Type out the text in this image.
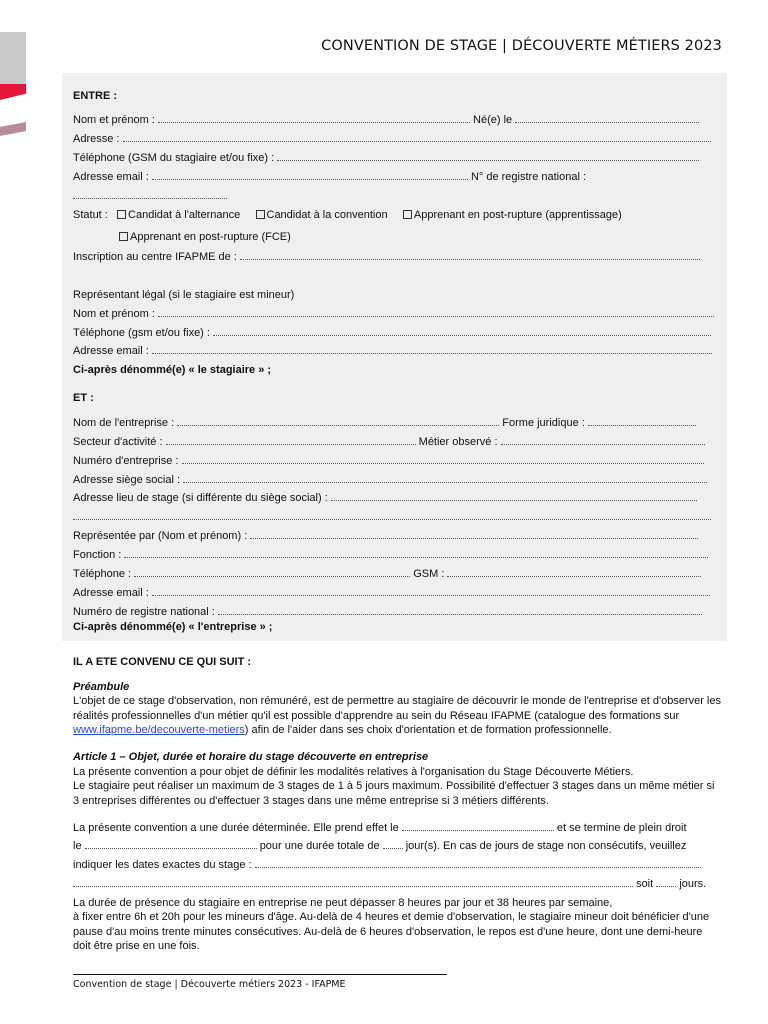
CONVENTION DE STAGE | DÉCOUVERTE MÉTIERS 2023
ENTRE :
Nom et prénom :	Né(e) le
Adresse :
Téléphone (GSM du stagiaire et/ou fixe) :
Adresse email :	N° de registre national :
Statut : Candidat à l'alternance Candidat à la convention Apprenant en post-rupture (apprentissage)
Apprenant en post-rupture (FCE)
Inscription au centre IFAPME de :
Représentant légal (si le stagiaire est mineur)
Nom et prénom :
Téléphone (gsm et/ou fixe) :
Adresse email :
Ci-après dénommé(e) « le stagiaire » ;
ET :
Nom de l'entreprise :	Forme juridique :
Secteur d'activité :	Métier observé :
Numéro d'entreprise :
Adresse siège social :
Adresse lieu de stage (si différente du siège social) :
Représentée par (Nom et prénom) :
Fonction :
Téléphone :	GSM :
Adresse email :
Numéro de registre national :
Ci-après dénommé(e) « l'entreprise » ;
IL A ETE CONVENU CE QUI SUIT :
Préambule
L'objet de ce stage d'observation, non rémunéré, est de permettre au stagiaire de découvrir le monde de l'entreprise et d'observer les réalités professionnelles d'un métier qu'il est possible d'apprendre au sein du Réseau IFAPME (catalogue des formations sur www.ifapme.be/decouverte-metiers) afin de l'aider dans ses choix d'orientation et de formation professionnelle.
Article 1 – Objet, durée et horaire du stage découverte en entreprise
La présente convention a pour objet de définir les modalités relatives à l'organisation du Stage Découverte Métiers.
Le stagiaire peut réaliser un maximum de 3 stages de 1 à 5 jours maximum. Possibilité d'effectuer 3 stages dans un même métier si 3 entreprises différentes ou d'effectuer 3 stages dans une même entreprise si 3 métiers différents.
La présente convention a une durée déterminée. Elle prend effet le	et se termine de plein droit
le	pour une durée totale de jour(s). En cas de jours de stage non consécutifs, veuillez
indiquer les dates exactes du stage :
soit jours.
La durée de présence du stagiaire en entreprise ne peut dépasser 8 heures par jour et 38 heures par semaine,
à fixer entre 6h et 20h pour les mineurs d'âge. Au-delà de 4 heures et demie d'observation, le stagiaire mineur doit bénéficier d'une pause d'au moins trente minutes consécutives. Au-delà de 6 heures d'observation, le repos est d'une heure, dont une demi-heure doit être prise en une fois.
Convention de stage | Découverte métiers 2023 - IFAPME
